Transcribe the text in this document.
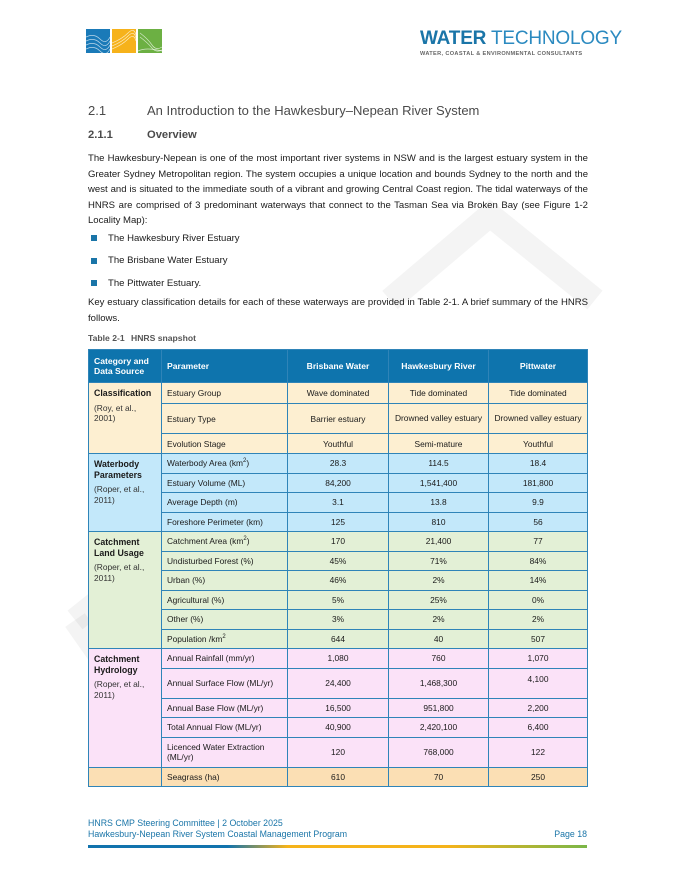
WATER TECHNOLOGY
WATER, COASTAL & ENVIRONMENTAL CONSULTANTS
2.1	An Introduction to the Hawkesbury–Nepean River System
2.1.1	Overview
The Hawkesbury-Nepean is one of the most important river systems in NSW and is the largest estuary system in the Greater Sydney Metropolitan region. The system occupies a unique location and bounds Sydney to the north and the west and is situated to the immediate south of a vibrant and growing Central Coast region. The tidal waterways of the HNRS are comprised of 3 predominant waterways that connect to the Tasman Sea via Broken Bay (see Figure 1-2 Locality Map):
The Hawkesbury River Estuary
The Brisbane Water Estuary
The Pittwater Estuary.
Key estuary classification details for each of these waterways are provided in Table 2-1. A brief summary of the HNRS follows.
Table 2-1 HNRS snapshot
Category and Data Source	Parameter	Brisbane Water	Hawkesbury River	Pittwater

Classification
(Roy, et al., 2001)	Estuary Group	Wave dominated	Tide dominated	Tide dominated
	Estuary Type	Barrier estuary	Drowned valley estuary	Drowned valley estuary
	Evolution Stage	Youthful	Semi-mature	Youthful

Waterbody Parameters
(Roper, et al., 2011)	Waterbody Area $(km^2)$	28.3	114.5	18.4
	Estuary Volume (ML)	84,200	1,541,400	181,800
	Average Depth (m)	3.1	13.8	9.9
	Foreshore Perimeter (km)	125	810	56

Catchment Land Usage
(Roper, et al., 2011)	Catchment Area $(km^2)$	170	21,400	77
	Undisturbed Forest (%)	45%	71%	84%
	Urban (%)	46%	2%	14%
	Agricultural (%)	5%	25%	0%
	Other (%)	3%	2%	2%
	Population $/km^2$	644	40	507

Catchment Hydrology
(Roper, et al., 2011)	Annual Rainfall (mm/yr)	1,080	760	1,070
	Annual Surface Flow (ML/yr)	24,400	1,468,300	4,100
	Annual Base Flow (ML/yr)	16,500	951,800	2,200
	Total Annual Flow (ML/yr)	40,900	2,420,100	6,400
	Licenced Water Extraction (ML/yr)	120	768,000	122
	Seagrass (ha)	610	70	250
HNRS CMP Steering Committee | 2 October 2025
Hawkesbury-Nepean River System Coastal Management Program	Page 18
